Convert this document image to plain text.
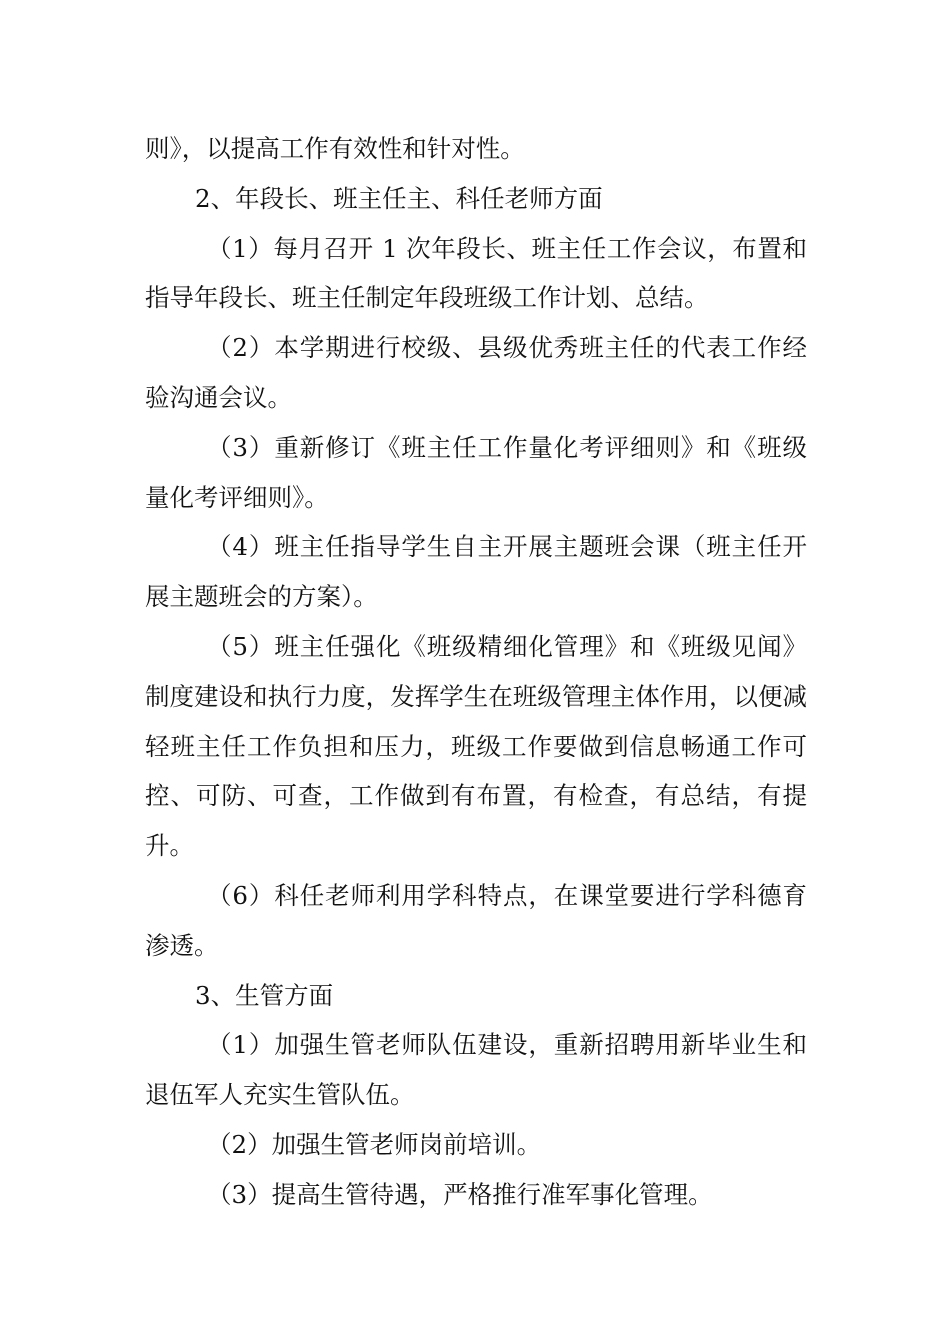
则》，以提高工作有效性和针对性。

2、年段长、班主任主、科任老师方面

（1）每月召开 1 次年段长、班主任工作会议，布置和指导年段长、班主任制定年段班级工作计划、总结。

（2）本学期进行校级、县级优秀班主任的代表工作经验沟通会议。

（3）重新修订《班主任工作量化考评细则》和《班级量化考评细则》。

（4）班主任指导学生自主开展主题班会课（班主任开展主题班会的方案）。

（5）班主任强化《班级精细化管理》和《班级见闻》制度建设和执行力度，发挥学生在班级管理主体作用，以便减轻班主任工作负担和压力，班级工作要做到信息畅通工作可控、可防、可查，工作做到有布置，有检查，有总结，有提升。

（6）科任老师利用学科特点，在课堂要进行学科德育渗透。

3、生管方面

（1）加强生管老师队伍建设，重新招聘用新毕业生和退伍军人充实生管队伍。

（2）加强生管老师岗前培训。

（3）提高生管待遇，严格推行准军事化管理。
